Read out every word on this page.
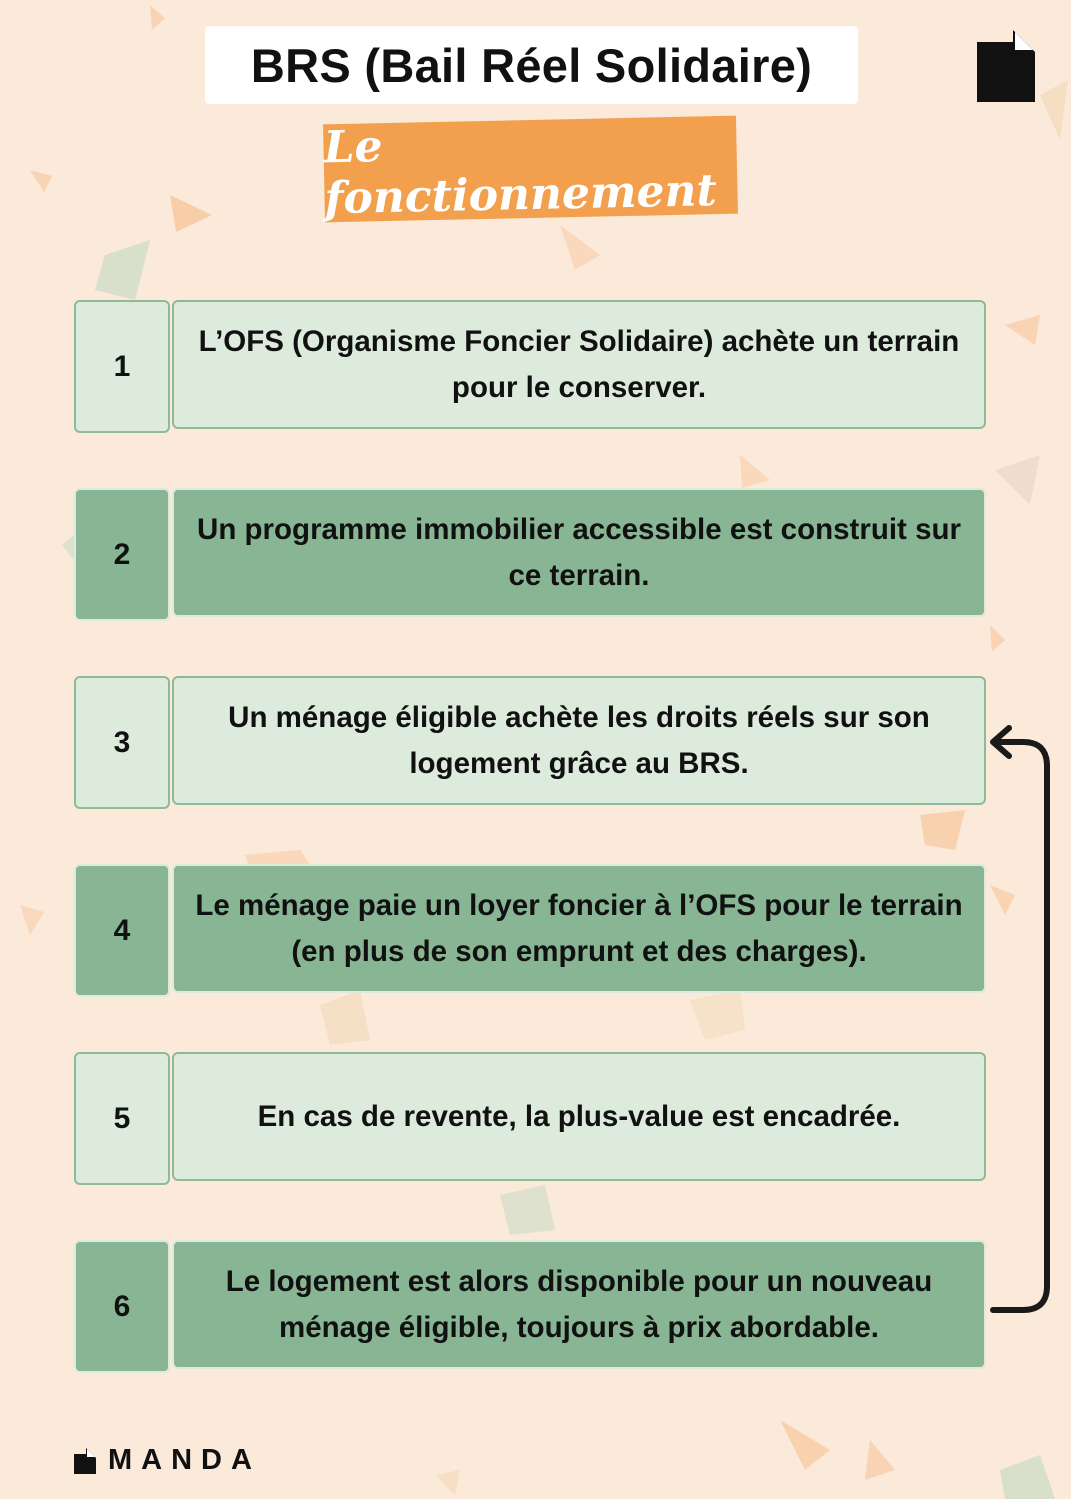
BRS (Bail Réel Solidaire)
Le fonctionnement
1
L’OFS (Organisme Foncier Solidaire) achète un terrain pour le conserver.
2
Un programme immobilier accessible est construit sur ce terrain.
3
Un ménage éligible achète les droits réels sur son logement grâce au BRS.
4
Le ménage paie un loyer foncier à l’OFS pour le terrain (en plus de son emprunt et des charges).
5	En cas de revente, la plus-value est encadrée.
6
Le logement est alors disponible pour un nouveau ménage éligible, toujours à prix abordable.
MANDA
